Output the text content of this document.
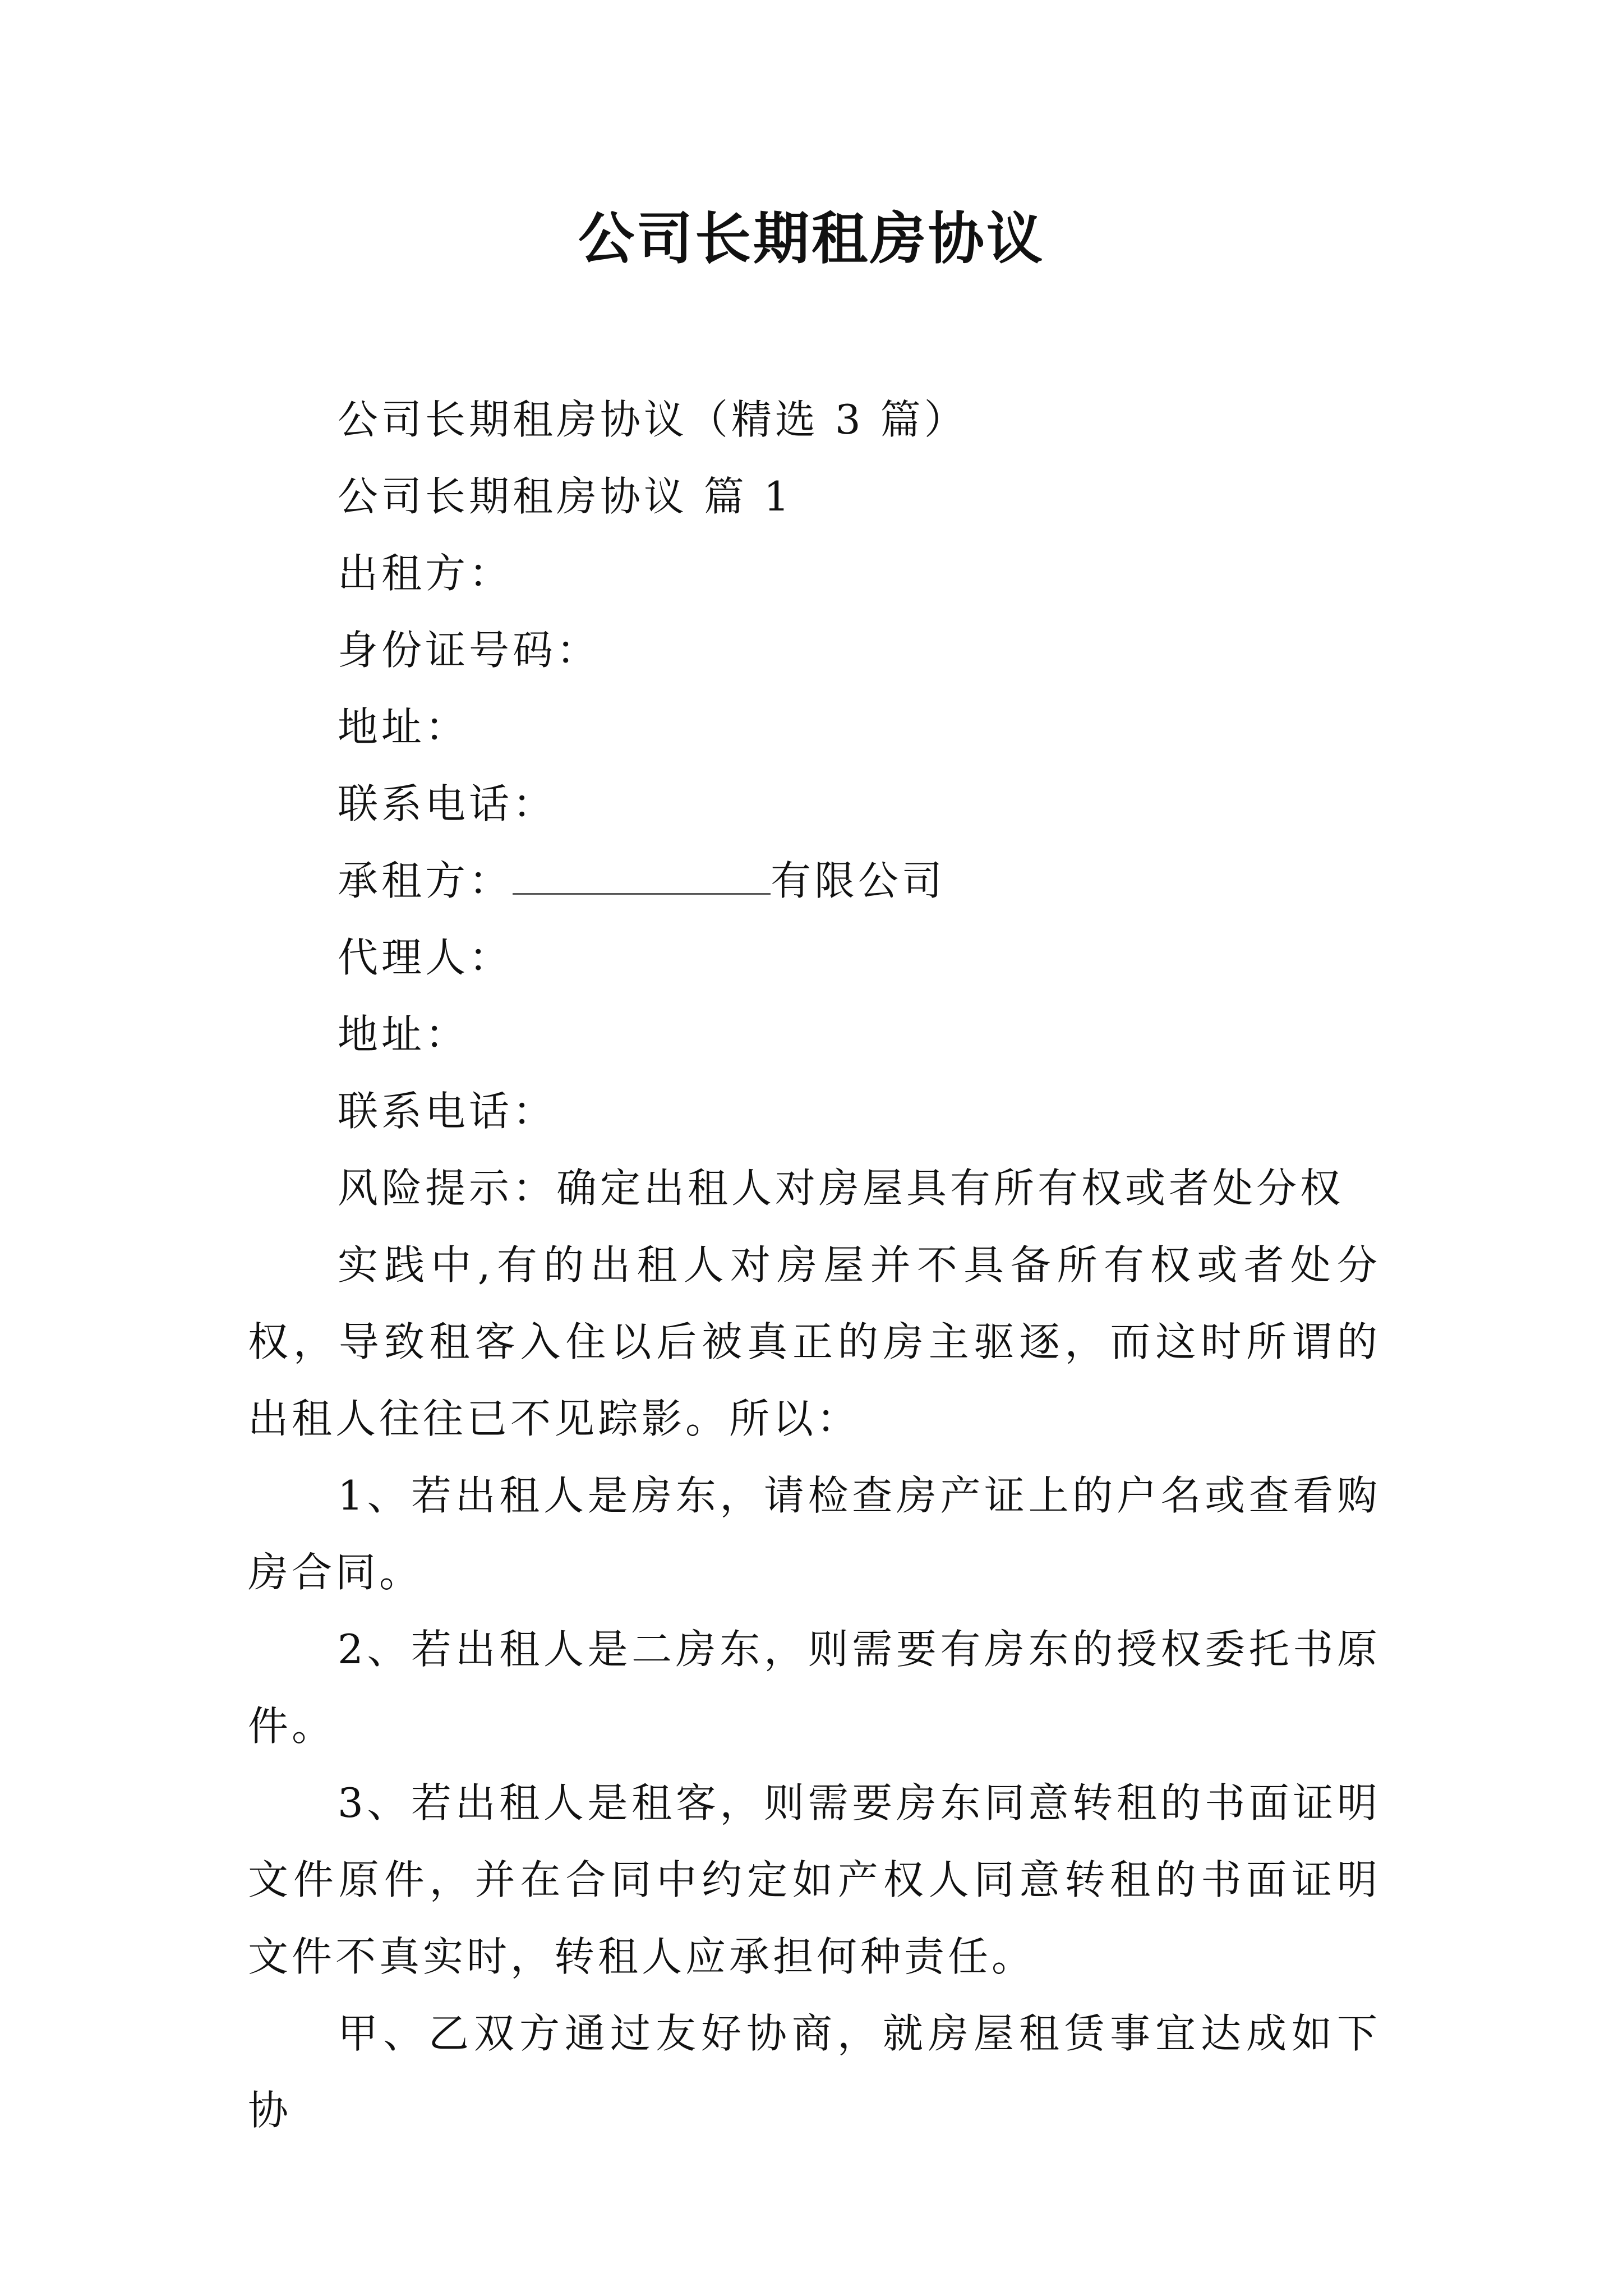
公司长期租房协议

公司长期租房协议（精选 3 篇）

公司长期租房协议 篇 1

出租方：

身份证号码：

地址：

联系电话：

承租方：	有限公司

代理人：

地址：

联系电话：

风险提示：确定出租人对房屋具有所有权或者处分权

实践中,有的出租人对房屋并不具备所有权或者处分权，导致租客入住以后被真正的房主驱逐，而这时所谓的出租人往往已不见踪影。所以：

1、若出租人是房东，请检查房产证上的户名或查看购房合同。

2、若出租人是二房东，则需要有房东的授权委托书原件。

3、若出租人是租客，则需要房东同意转租的书面证明文件原件，并在合同中约定如产权人同意转租的书面证明文件不真实时，转租人应承担何种责任。

甲、乙双方通过友好协商，就房屋租赁事宜达成如下协
